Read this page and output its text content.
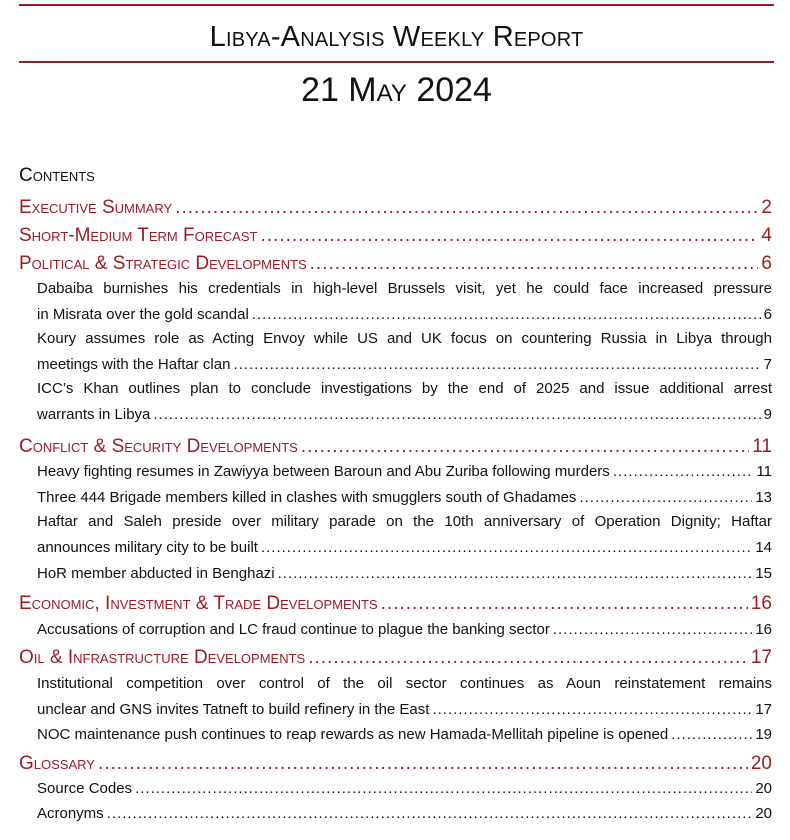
Libya-Analysis Weekly Report
21 May 2024
Contents
Executive Summary .....	2
Short-Medium Term Forecast .....	4
Political & Strategic Developments .....	6
Dabaiba burnishes his credentials in high-level Brussels visit, yet he could face increased pressure
in Misrata over the gold scandal .....	6
Koury assumes role as Acting Envoy while US and UK focus on countering Russia in Libya through
meetings with the Haftar clan .....	7
ICC’s Khan outlines plan to conclude investigations by the end of 2025 and issue additional arrest
warrants in Libya .....	9
Conflict & Security Developments .....	11
Heavy fighting resumes in Zawiyya between Baroun and Abu Zuriba following murders .....	11
Three 444 Brigade members killed in clashes with smugglers south of Ghadames .....	13
Haftar and Saleh preside over military parade on the 10th anniversary of Operation Dignity; Haftar
announces military city to be built .....	14
HoR member abducted in Benghazi .....	15
Economic, Investment & Trade Developments .....	16
Accusations of corruption and LC fraud continue to plague the banking sector .....	16
Oil & Infrastructure Developments .....	17
Institutional competition over control of the oil sector continues as Aoun reinstatement remains
unclear and GNS invites Tatneft to build refinery in the East .....	17
NOC maintenance push continues to reap rewards as new Hamada-Mellitah pipeline is opened .....	19
Glossary .....	20
Source Codes .....	20
Acronyms .....	20
